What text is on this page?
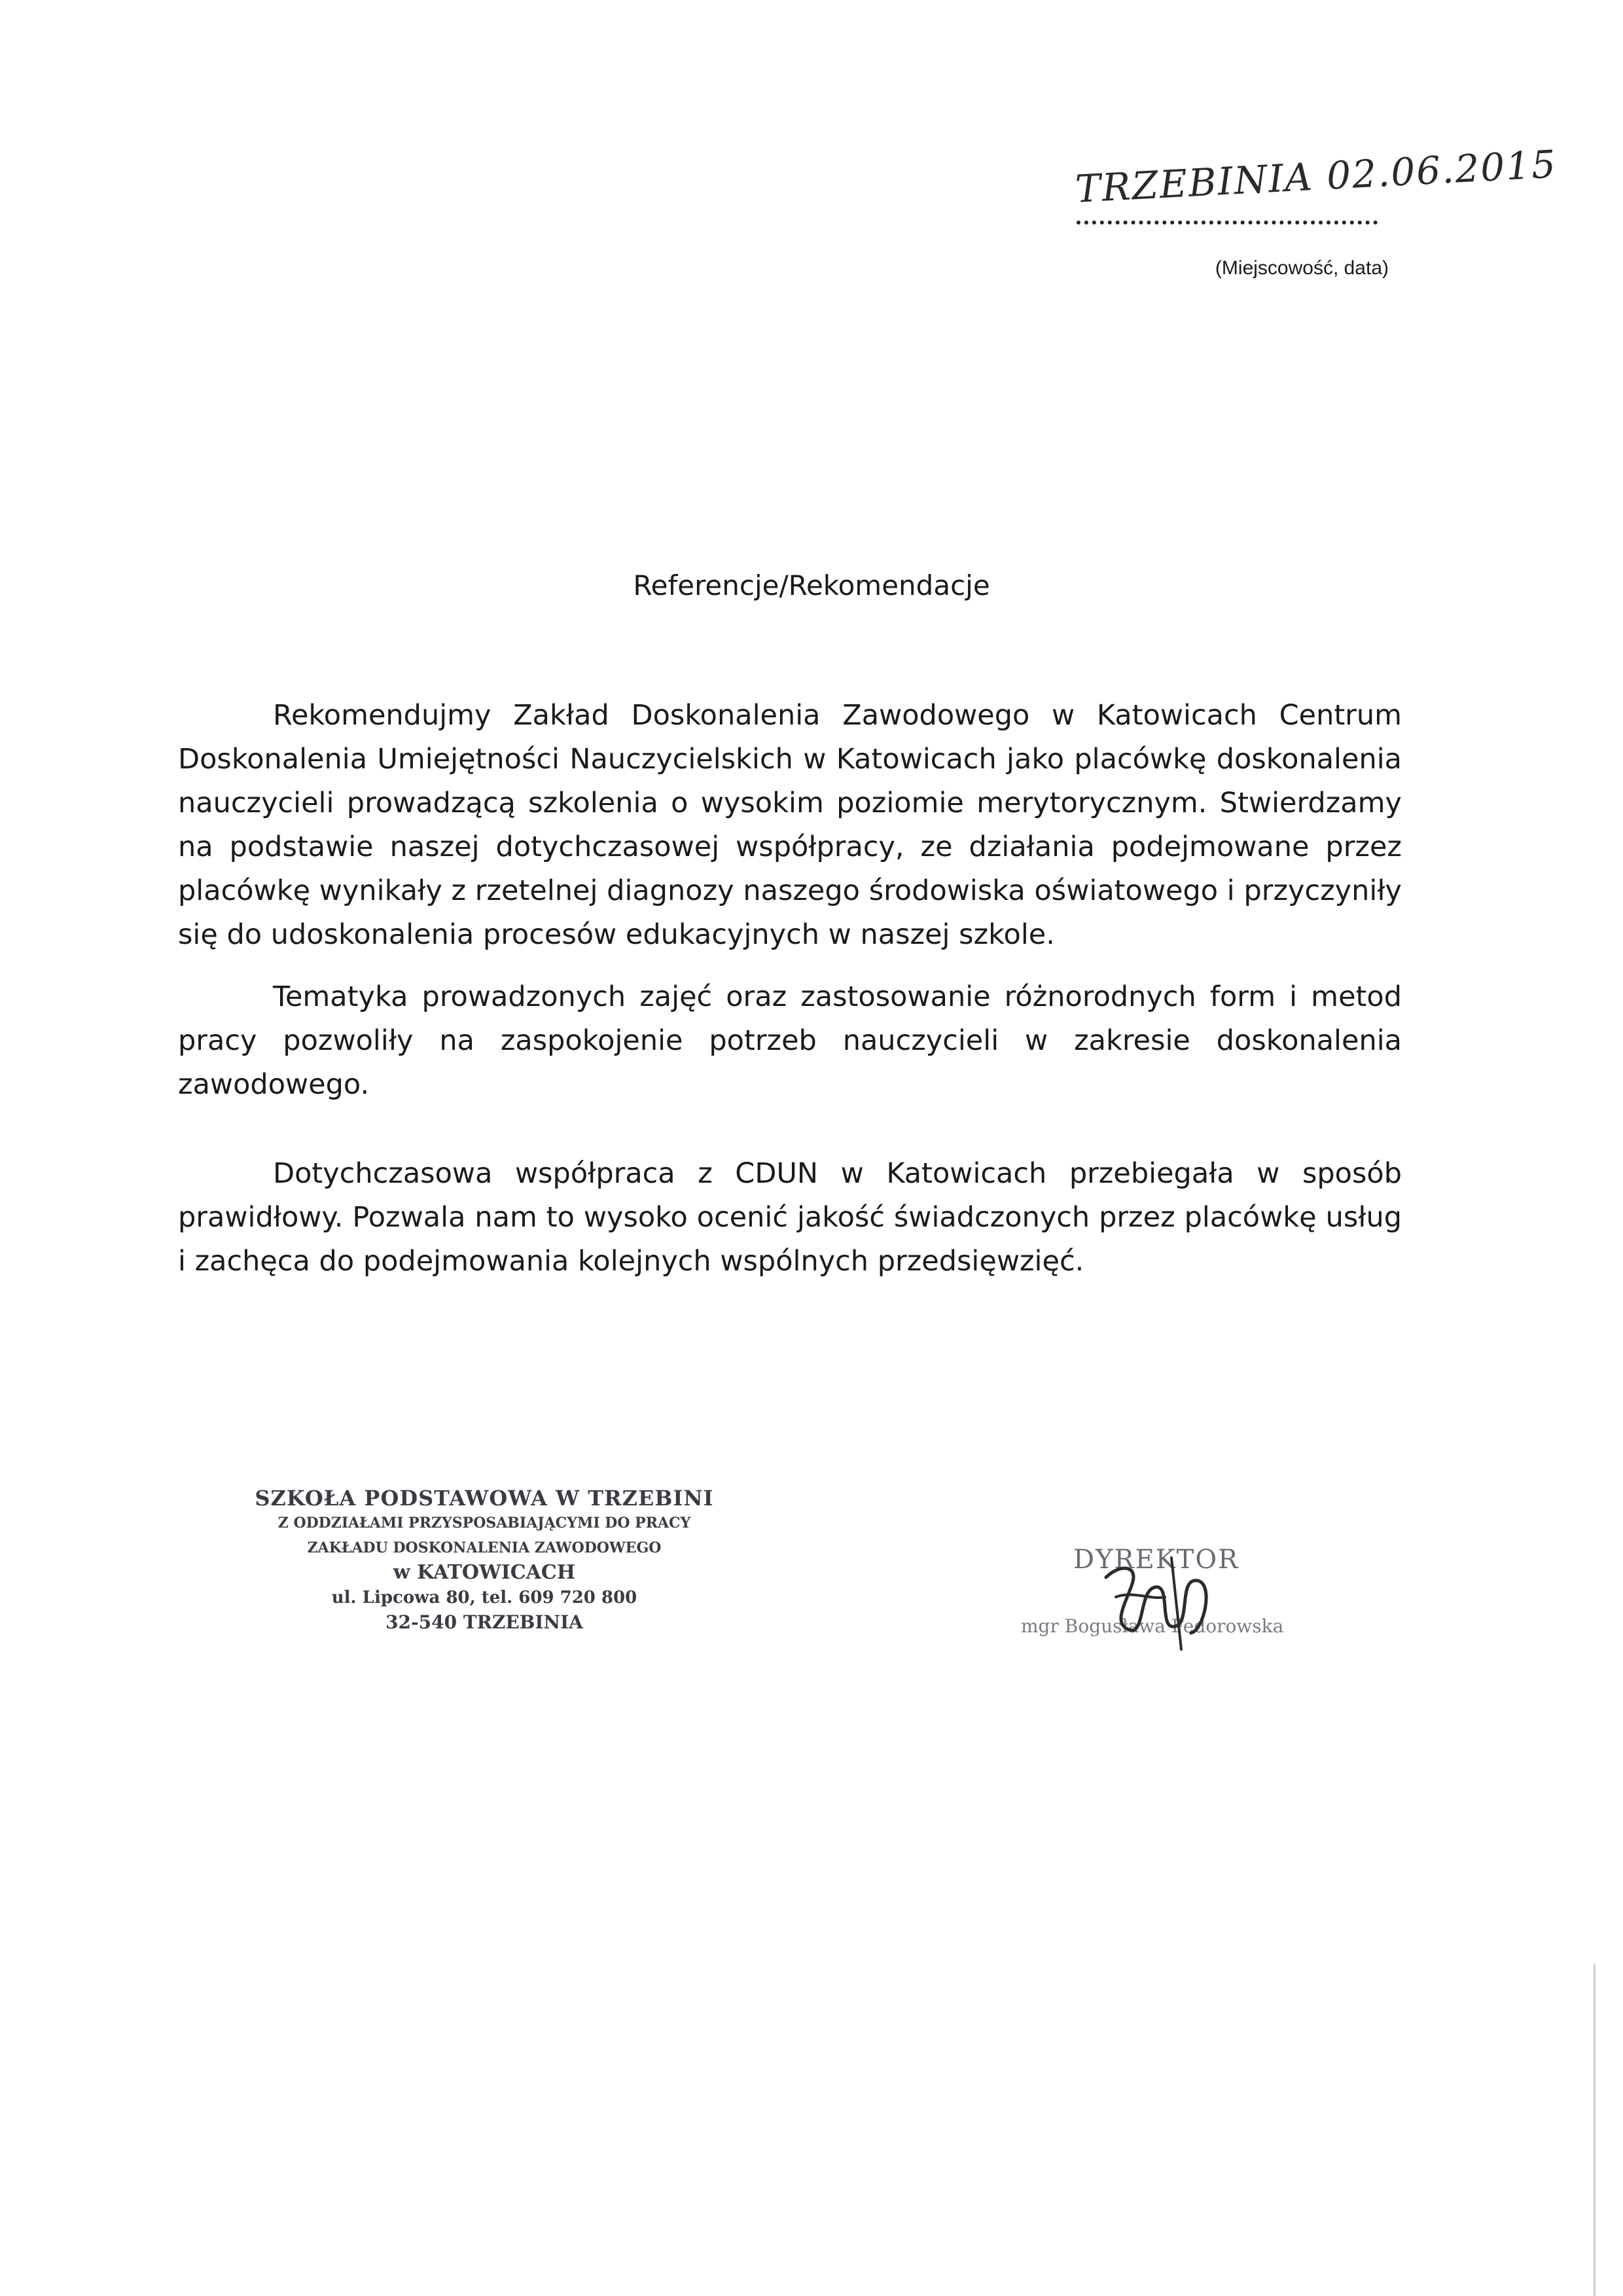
TRZEBINIA 02.06.2015
(Miejscowość, data)
Referencje/Rekomendacje

Rekomendujmy Zakład Doskonalenia Zawodowego w Katowicach Centrum Doskonalenia Umiejętności Nauczycielskich w Katowicach jako placówkę doskonalenia nauczycieli prowadzącą szkolenia o wysokim poziomie merytorycznym. Stwierdzamy na podstawie naszej dotychczasowej współpracy, ze działania podejmowane przez placówkę wynikały z rzetelnej diagnozy naszego środowiska oświatowego i przyczyniły się do udoskonalenia procesów edukacyjnych w naszej szkole.

Tematyka prowadzonych zajęć oraz zastosowanie różnorodnych form i metod pracy pozwoliły na zaspokojenie potrzeb nauczycieli w zakresie doskonalenia zawodowego.

Dotychczasowa współpraca z CDUN w Katowicach przebiegała w sposób prawidłowy. Pozwala nam to wysoko ocenić jakość świadczonych przez placówkę usług i zachęca do podejmowania kolejnych wspólnych przedsięwzięć.

SZKOŁA PODSTAWOWA W TRZEBINI
Z ODDZIAŁAMI PRZYSPOSABIAJĄCYMI DO PRACY
ZAKŁADU DOSKONALENIA ZAWODOWEGO
w KATOWICACH
ul. Lipcowa 80, tel. 609 720 800
32-540 TRZEBINIA
DYREKTOR
mgr Bogusława Fedorowska
